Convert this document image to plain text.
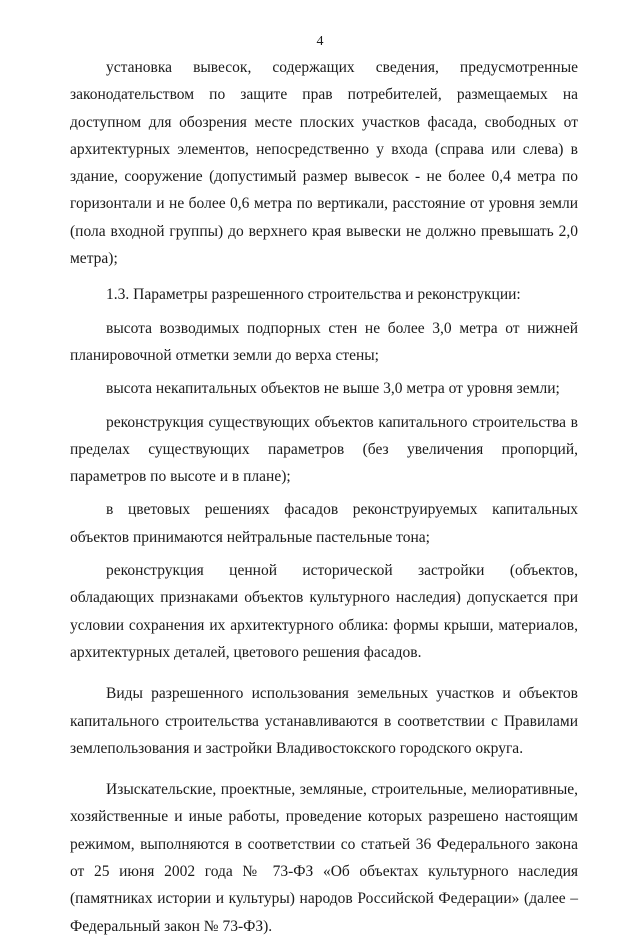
4

установка вывесок, содержащих сведения, предусмотренные законодательством по защите прав потребителей, размещаемых на доступном для обозрения месте плоских участков фасада, свободных от архитектурных элементов, непосредственно у входа (справа или слева) в здание, сооружение (допустимый размер вывесок - не более 0,4 метра по горизонтали и не более 0,6 метра по вертикали, расстояние от уровня земли (пола входной группы) до верхнего края вывески не должно превышать 2,0 метра);

1.3. Параметры разрешенного строительства и реконструкции:

высота возводимых подпорных стен не более 3,0 метра от нижней планировочной отметки земли до верха стены;

высота некапитальных объектов не выше 3,0 метра от уровня земли;

реконструкция существующих объектов капитального строительства в пределах существующих параметров (без увеличения пропорций, параметров по высоте и в плане);

в цветовых решениях фасадов реконструируемых капитальных объектов принимаются нейтральные пастельные тона;

реконструкция ценной исторической застройки (объектов, обладающих признаками объектов культурного наследия) допускается при условии сохранения их архитектурного облика: формы крыши, материалов, архитектурных деталей, цветового решения фасадов.

Виды разрешенного использования земельных участков и объектов капитального строительства устанавливаются в соответствии с Правилами землепользования и застройки Владивостокского городского округа.

Изыскательские, проектные, земляные, строительные, мелиоративные, хозяйственные и иные работы, проведение которых разрешено настоящим режимом, выполняются в соответствии со статьей 36 Федерального закона от 25 июня 2002 года № 73-ФЗ «Об объектах культурного наследия (памятниках истории и культуры) народов Российской Федерации» (далее – Федеральный закон № 73-ФЗ).
